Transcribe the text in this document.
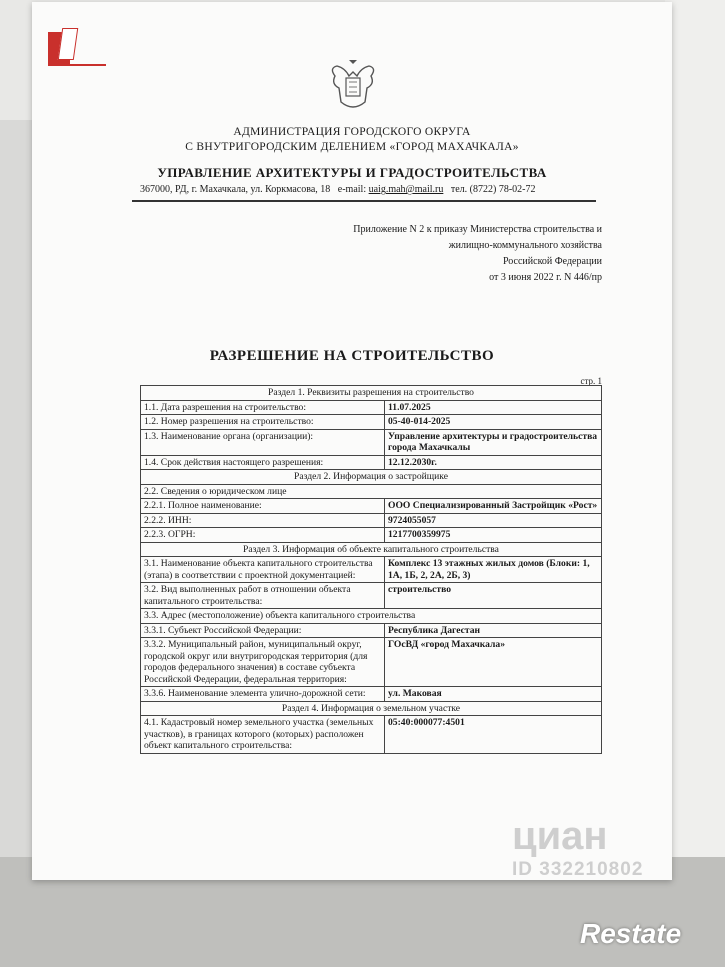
АДМИНИСТРАЦИЯ ГОРОДСКОГО ОКРУГА
С ВНУТРИГОРОДСКИМ ДЕЛЕНИЕМ «ГОРОД МАХАЧКАЛА»
УПРАВЛЕНИЕ АРХИТЕКТУРЫ И ГРАДОСТРОИТЕЛЬСТВА
367000, РД, г. Махачкала, ул. Коркмасова, 18 e-mail: uaig.mah@mail.ru тел. (8722) 78-02-72
Приложение N 2 к приказу Министерства строительства и
жилищно-коммунального хозяйства
Российской Федерации
от 3 июня 2022 г. N 446/пр
РАЗРЕШЕНИЕ НА СТРОИТЕЛЬСТВО
стр. 1
Раздел 1. Реквизиты разрешения на строительство	
1.1. Дата разрешения на строительство:	11.07.2025
1.2. Номер разрешения на строительство:	05-40-014-2025
1.3. Наименование органа (организации):	Управление архитектуры и градостроительства города Махачкалы
1.4. Срок действия настоящего разрешения:	12.12.2030г.
Раздел 2. Информация о застройщике	
2.2. Сведения о юридическом лице	
2.2.1. Полное наименование:	ООО Специализированный Застройщик «Рост»
2.2.2. ИНН:	9724055057
2.2.3. ОГРН:	1217700359975
Раздел 3. Информация об объекте капитального строительства	
3.1. Наименование объекта капитального строительства (этапа) в соответствии с проектной документацией:	Комплекс 13 этажных жилых домов (Блоки: 1, 1А, 1Б, 2, 2А, 2Б, 3)
3.2. Вид выполненных работ в отношении объекта капитального строительства:	строительство
3.3. Адрес (местоположение) объекта капитального строительства	
3.3.1. Субъект Российской Федерации:	Республика Дагестан
3.3.2. Муниципальный район, муниципальный округ, городской округ или внутригородская территория (для городов федерального значения) в составе субъекта Российской Федерации, федеральная территория:	ГОсВД «город Махачкала»
3.3.6. Наименование элемента улично-дорожной сети:	ул. Маковая
Раздел 4. Информация о земельном участке	
4.1. Кадастровый номер земельного участка (земельных участков), в границах которого (которых) расположен объект капитального строительства:	05:40:000077:4501
циан
ID 332210802
Restate
